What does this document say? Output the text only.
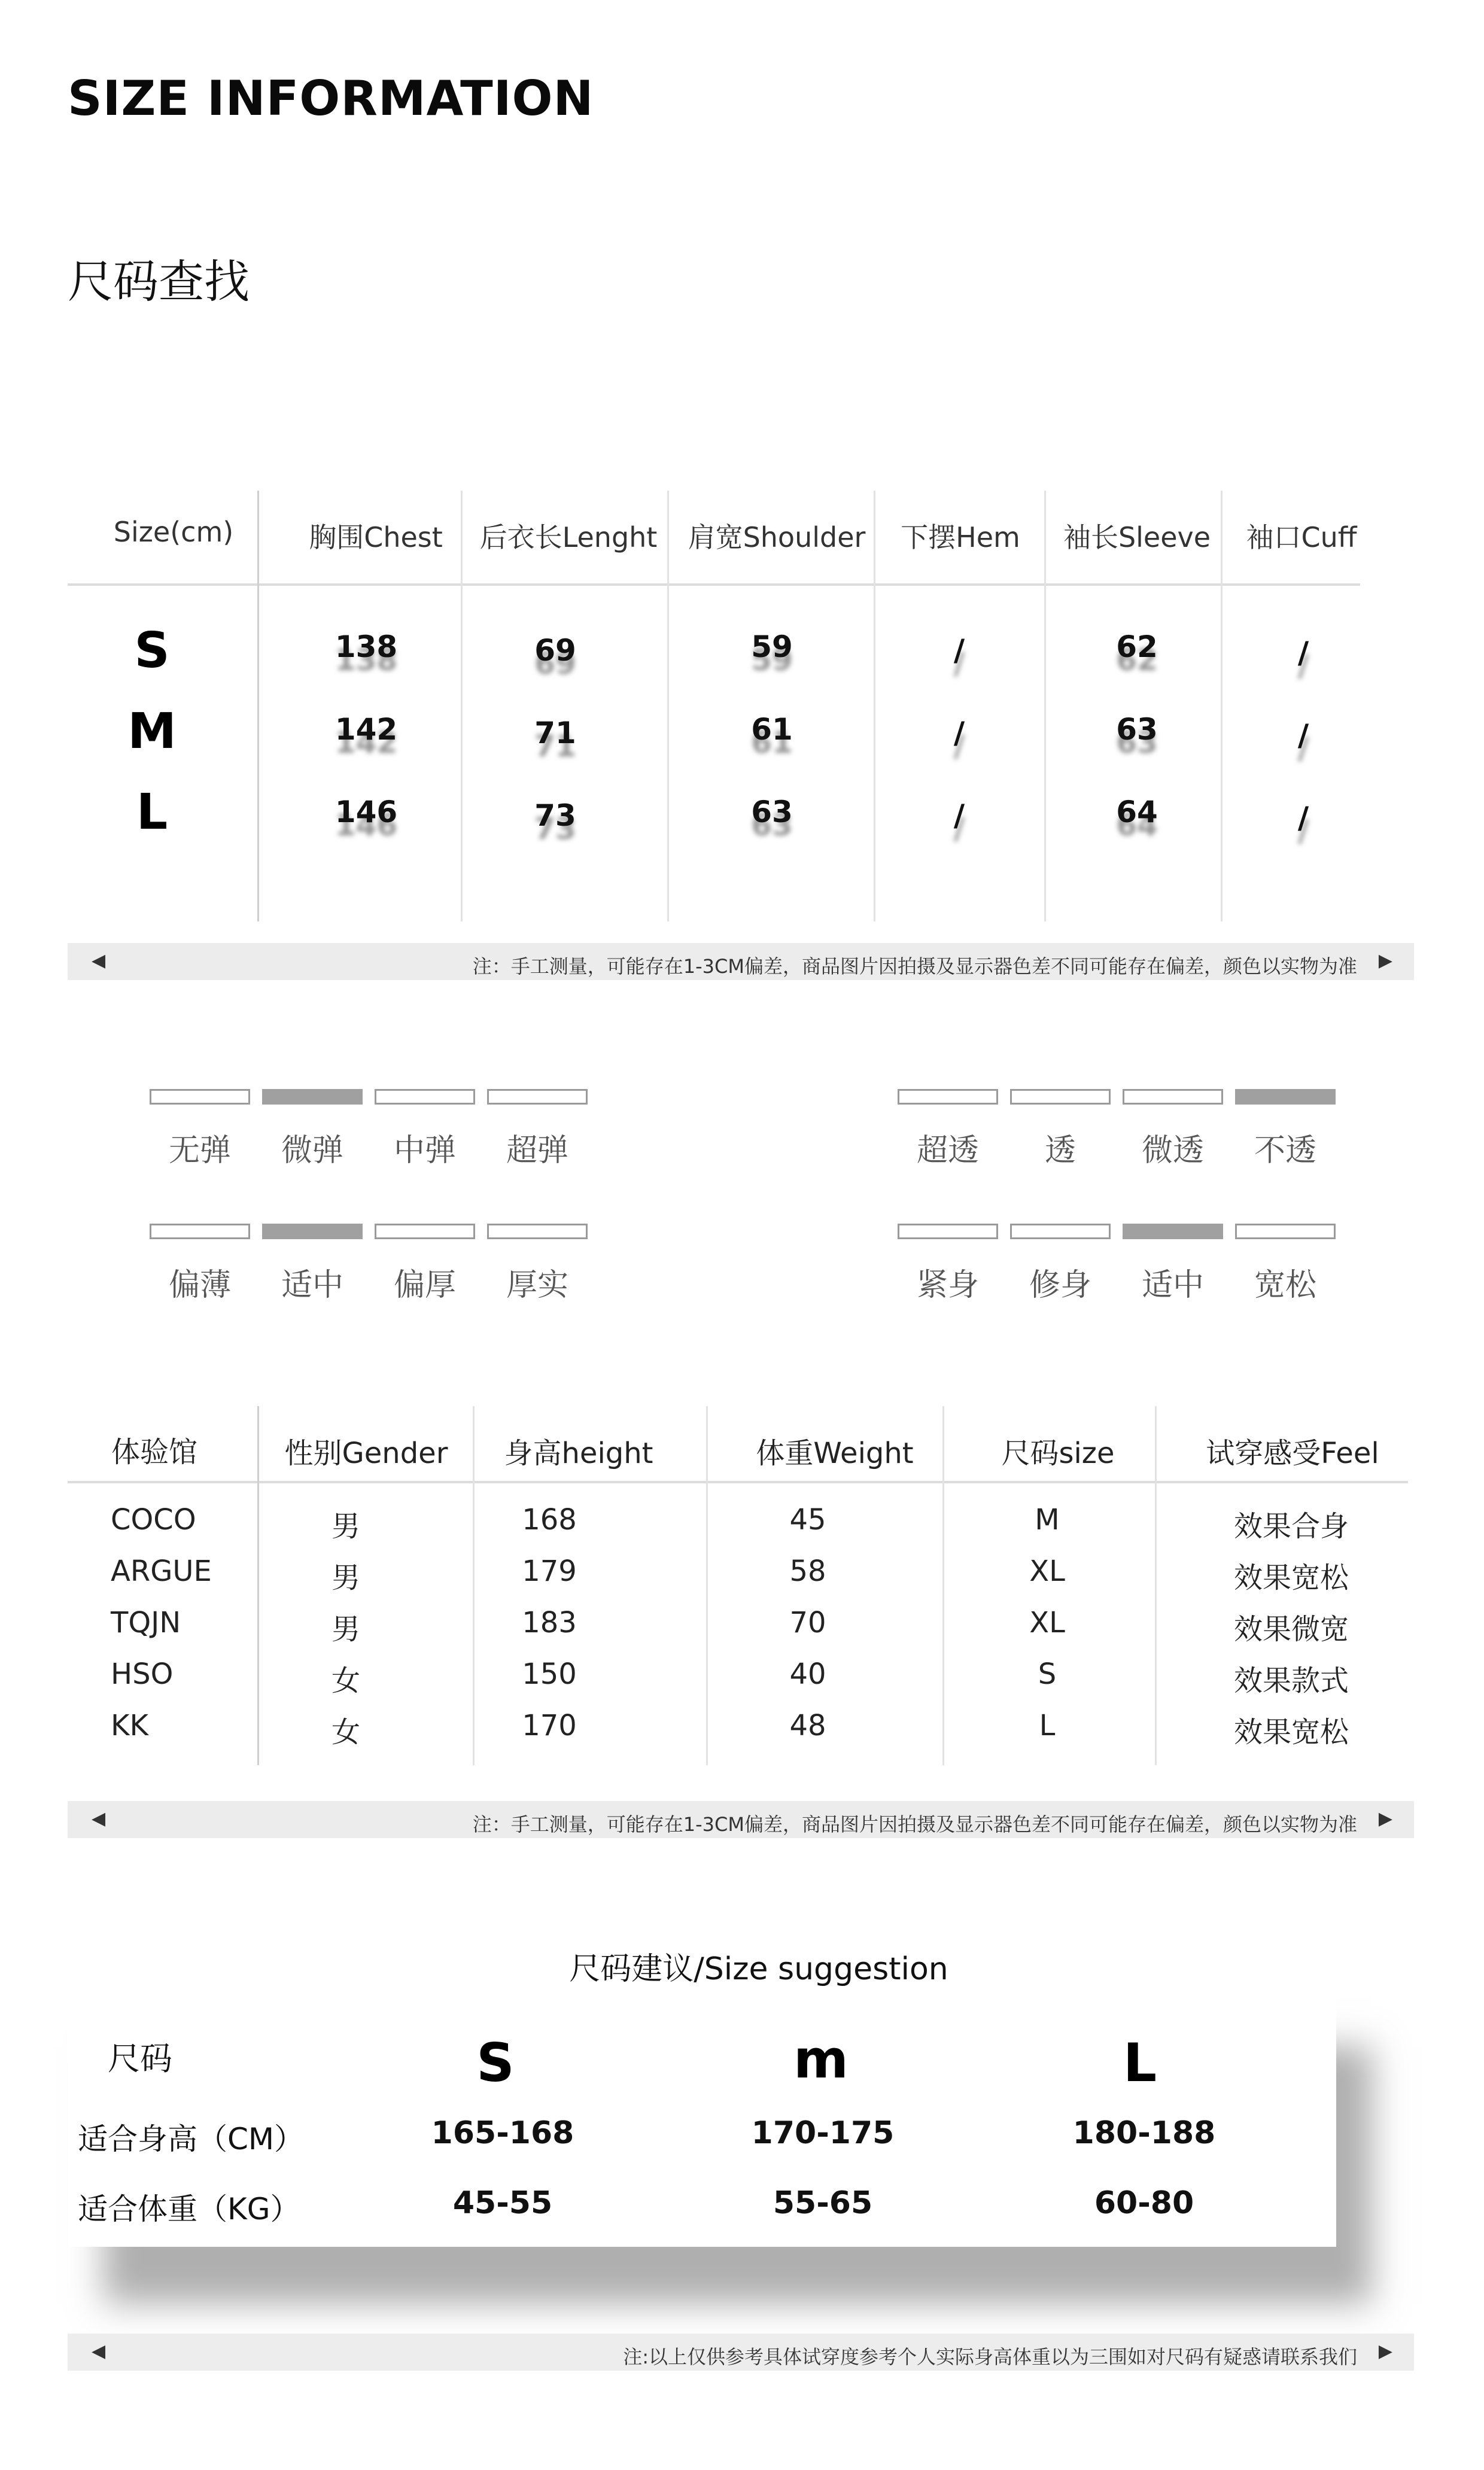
SIZE INFORMATION
尺码查找
Size(cm)	胸围Chest 后衣长Lenght 肩宽Shoulder 下摆Hem 袖长Sleeve 袖口Cuff
S	138	69	59	/	62	/
M	142	71	61	/	63	/
L	146	73	63	/	64	/
◀	注：手工测量，可能存在1-3CM偏差，商品图片因拍摄及显示器色差不同可能存在偏差，颜色以实物为准 ▶
无弹	微弹	中弹	超弹	超透	透	微透	不透
偏薄	适中	偏厚	厚实	紧身	修身	适中	宽松
体验馆	性别Gender 身高height	体重Weight	尺码size	试穿感受Feel
COCO	男	168	45	M	效果合身
ARGUE	男	179	58	XL	效果宽松
TQJN	男	183	70	XL	效果微宽
HSO	女	150	40	S	效果款式
KK	女	170	48	L	效果宽松
◀	注：手工测量，可能存在1-3CM偏差，商品图片因拍摄及显示器色差不同可能存在偏差，颜色以实物为准 ▶
尺码建议/Size suggestion
尺码	S	m	L
适合身高（CM）	165-168	170-175	180-188
适合体重（KG）	45-55	55-65	60-80
◀	注:以上仅供参考具体试穿度参考个人实际身高体重以为三围如对尺码有疑惑请联系我们 ▶
